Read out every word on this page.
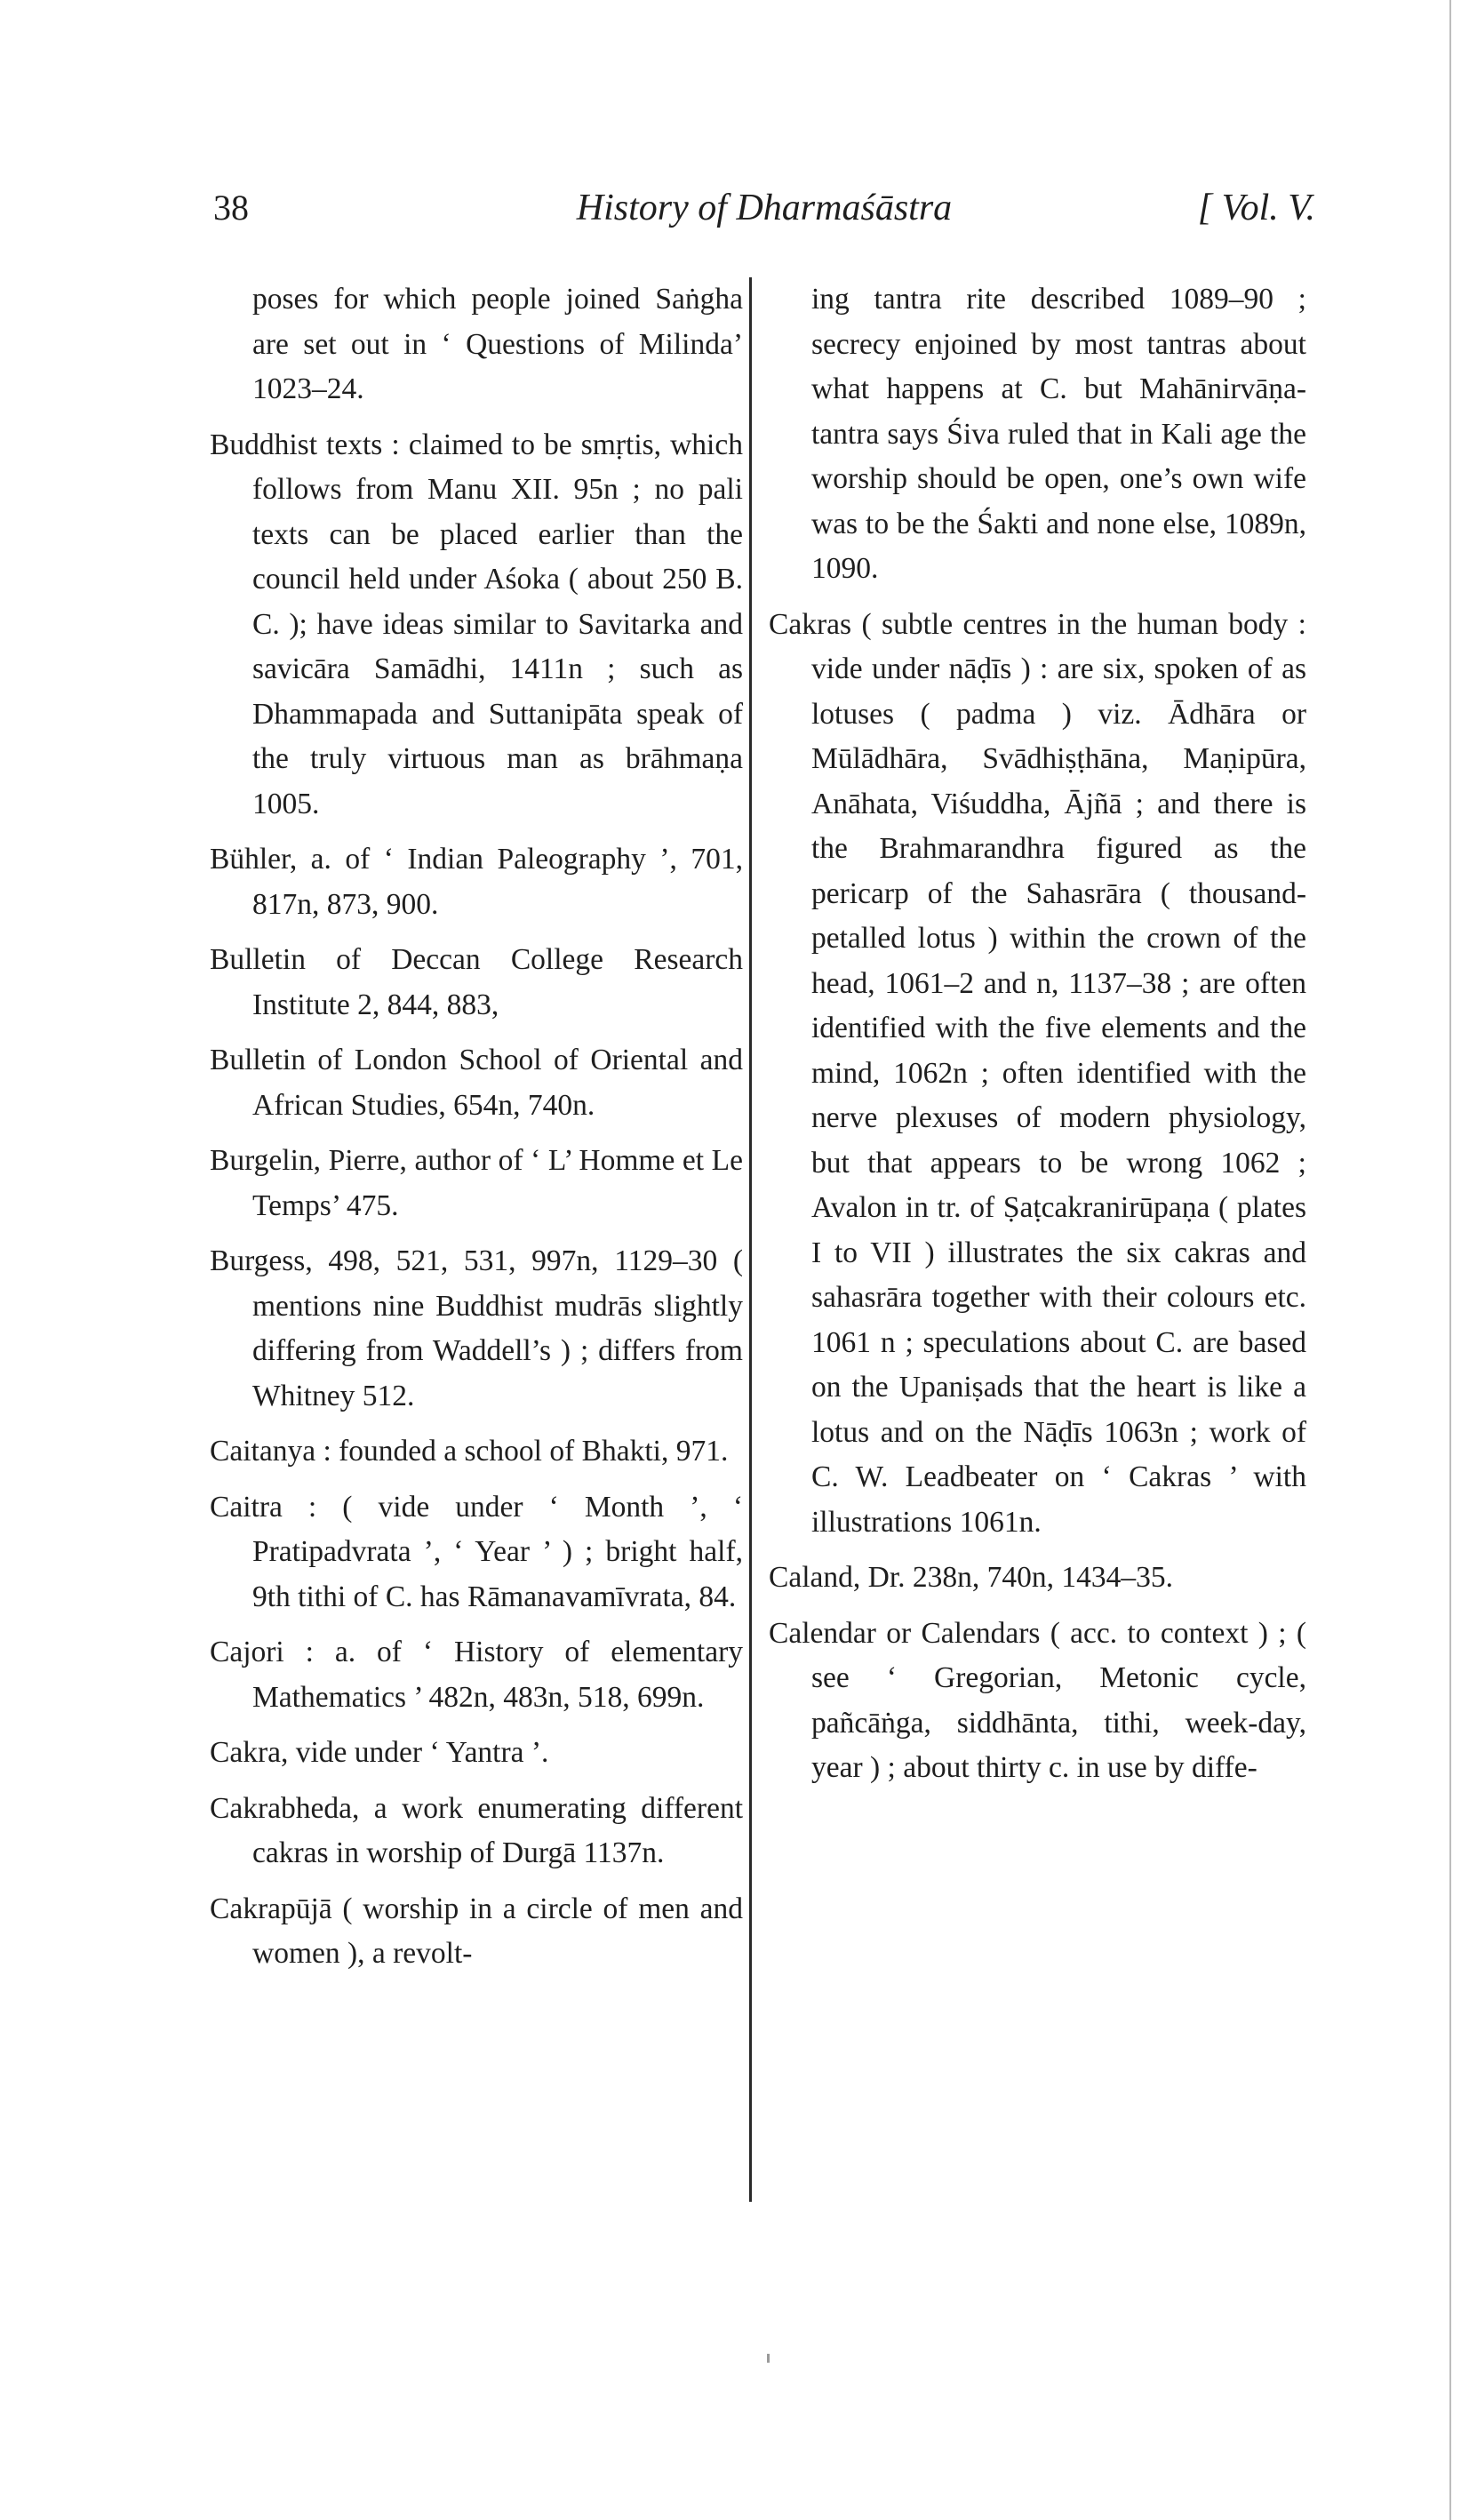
38	History of Dharmaśāstra	[ Vol. V.

poses for which people joined Saṅgha are set out in ‘ Questions of Milinda’ 1023–24.

Buddhist texts : claimed to be smṛtis, which follows from Manu XII. 95n ; no pali texts can be placed earlier than the council held under Aśoka ( about 250 B. C. ); have ideas similar to Savitarka and savicāra Samādhi, 1411n ; such as Dhammapada and Suttanipāta speak of the truly virtuous man as brāhmaṇa 1005.

Bühler, a. of ‘ Indian Paleography ’, 701, 817n, 873, 900.

Bulletin of Deccan College Research Institute 2, 844, 883,

Bulletin of London School of Oriental and African Studies, 654n, 740n.

Burgelin, Pierre, author of ‘ L’ Homme et Le Temps’ 475.

Burgess, 498, 521, 531, 997n, 1129–30 ( mentions nine Buddhist mudrās slightly differing from Waddell’s ) ; differs from Whitney 512.

Caitanya : founded a school of Bhakti, 971.

Caitra : ( vide under ‘ Month ’, ‘ Pratipadvrata ’, ‘ Year ’ ) ; bright half, 9th tithi of C. has Rāmanavamīvrata, 84.

Cajori : a. of ‘ History of elementary Mathematics ’ 482n, 483n, 518, 699n.

Cakra, vide under ‘ Yantra ’.

Cakrabheda, a work enumerating different cakras in worship of Durgā 1137n.

Cakrapūjā ( worship in a circle of men and women ), a revolt-

ing tantra rite described 1089–90 ; secrecy enjoined by most tantras about what happens at C. but Mahānirvāṇa-tantra says Śiva ruled that in Kali age the worship should be open, one’s own wife was to be the Śakti and none else, 1089n, 1090.

Cakras ( subtle centres in the human body : vide under nāḍīs ) : are six, spoken of as lotuses ( padma ) viz. Ādhāra or Mūlādhāra, Svādhiṣṭhāna, Maṇipūra, Anāhata, Viśuddha, Ājñā ; and there is the Brahmarandhra figured as the pericarp of the Sahasrāra ( thousand-petalled lotus ) within the crown of the head, 1061–2 and n, 1137–38 ; are often identified with the five elements and the mind, 1062n ; often identified with the nerve plexuses of modern physiology, but that appears to be wrong 1062 ; Avalon in tr. of Ṣaṭcakranirūpaṇa ( plates I to VII ) illustrates the six cakras and sahasrāra together with their colours etc. 1061 n ; speculations about C. are based on the Upaniṣads that the heart is like a lotus and on the Nāḍīs 1063n ; work of C. W. Leadbeater on ‘ Cakras ’ with illustrations 1061n.

Caland, Dr. 238n, 740n, 1434–35.

Calendar or Calendars ( acc. to context ) ; ( see ‘ Gregorian, Metonic cycle, pañcāṅga, siddhānta, tithi, week-day, year ) ; about thirty c. in use by diffe-
